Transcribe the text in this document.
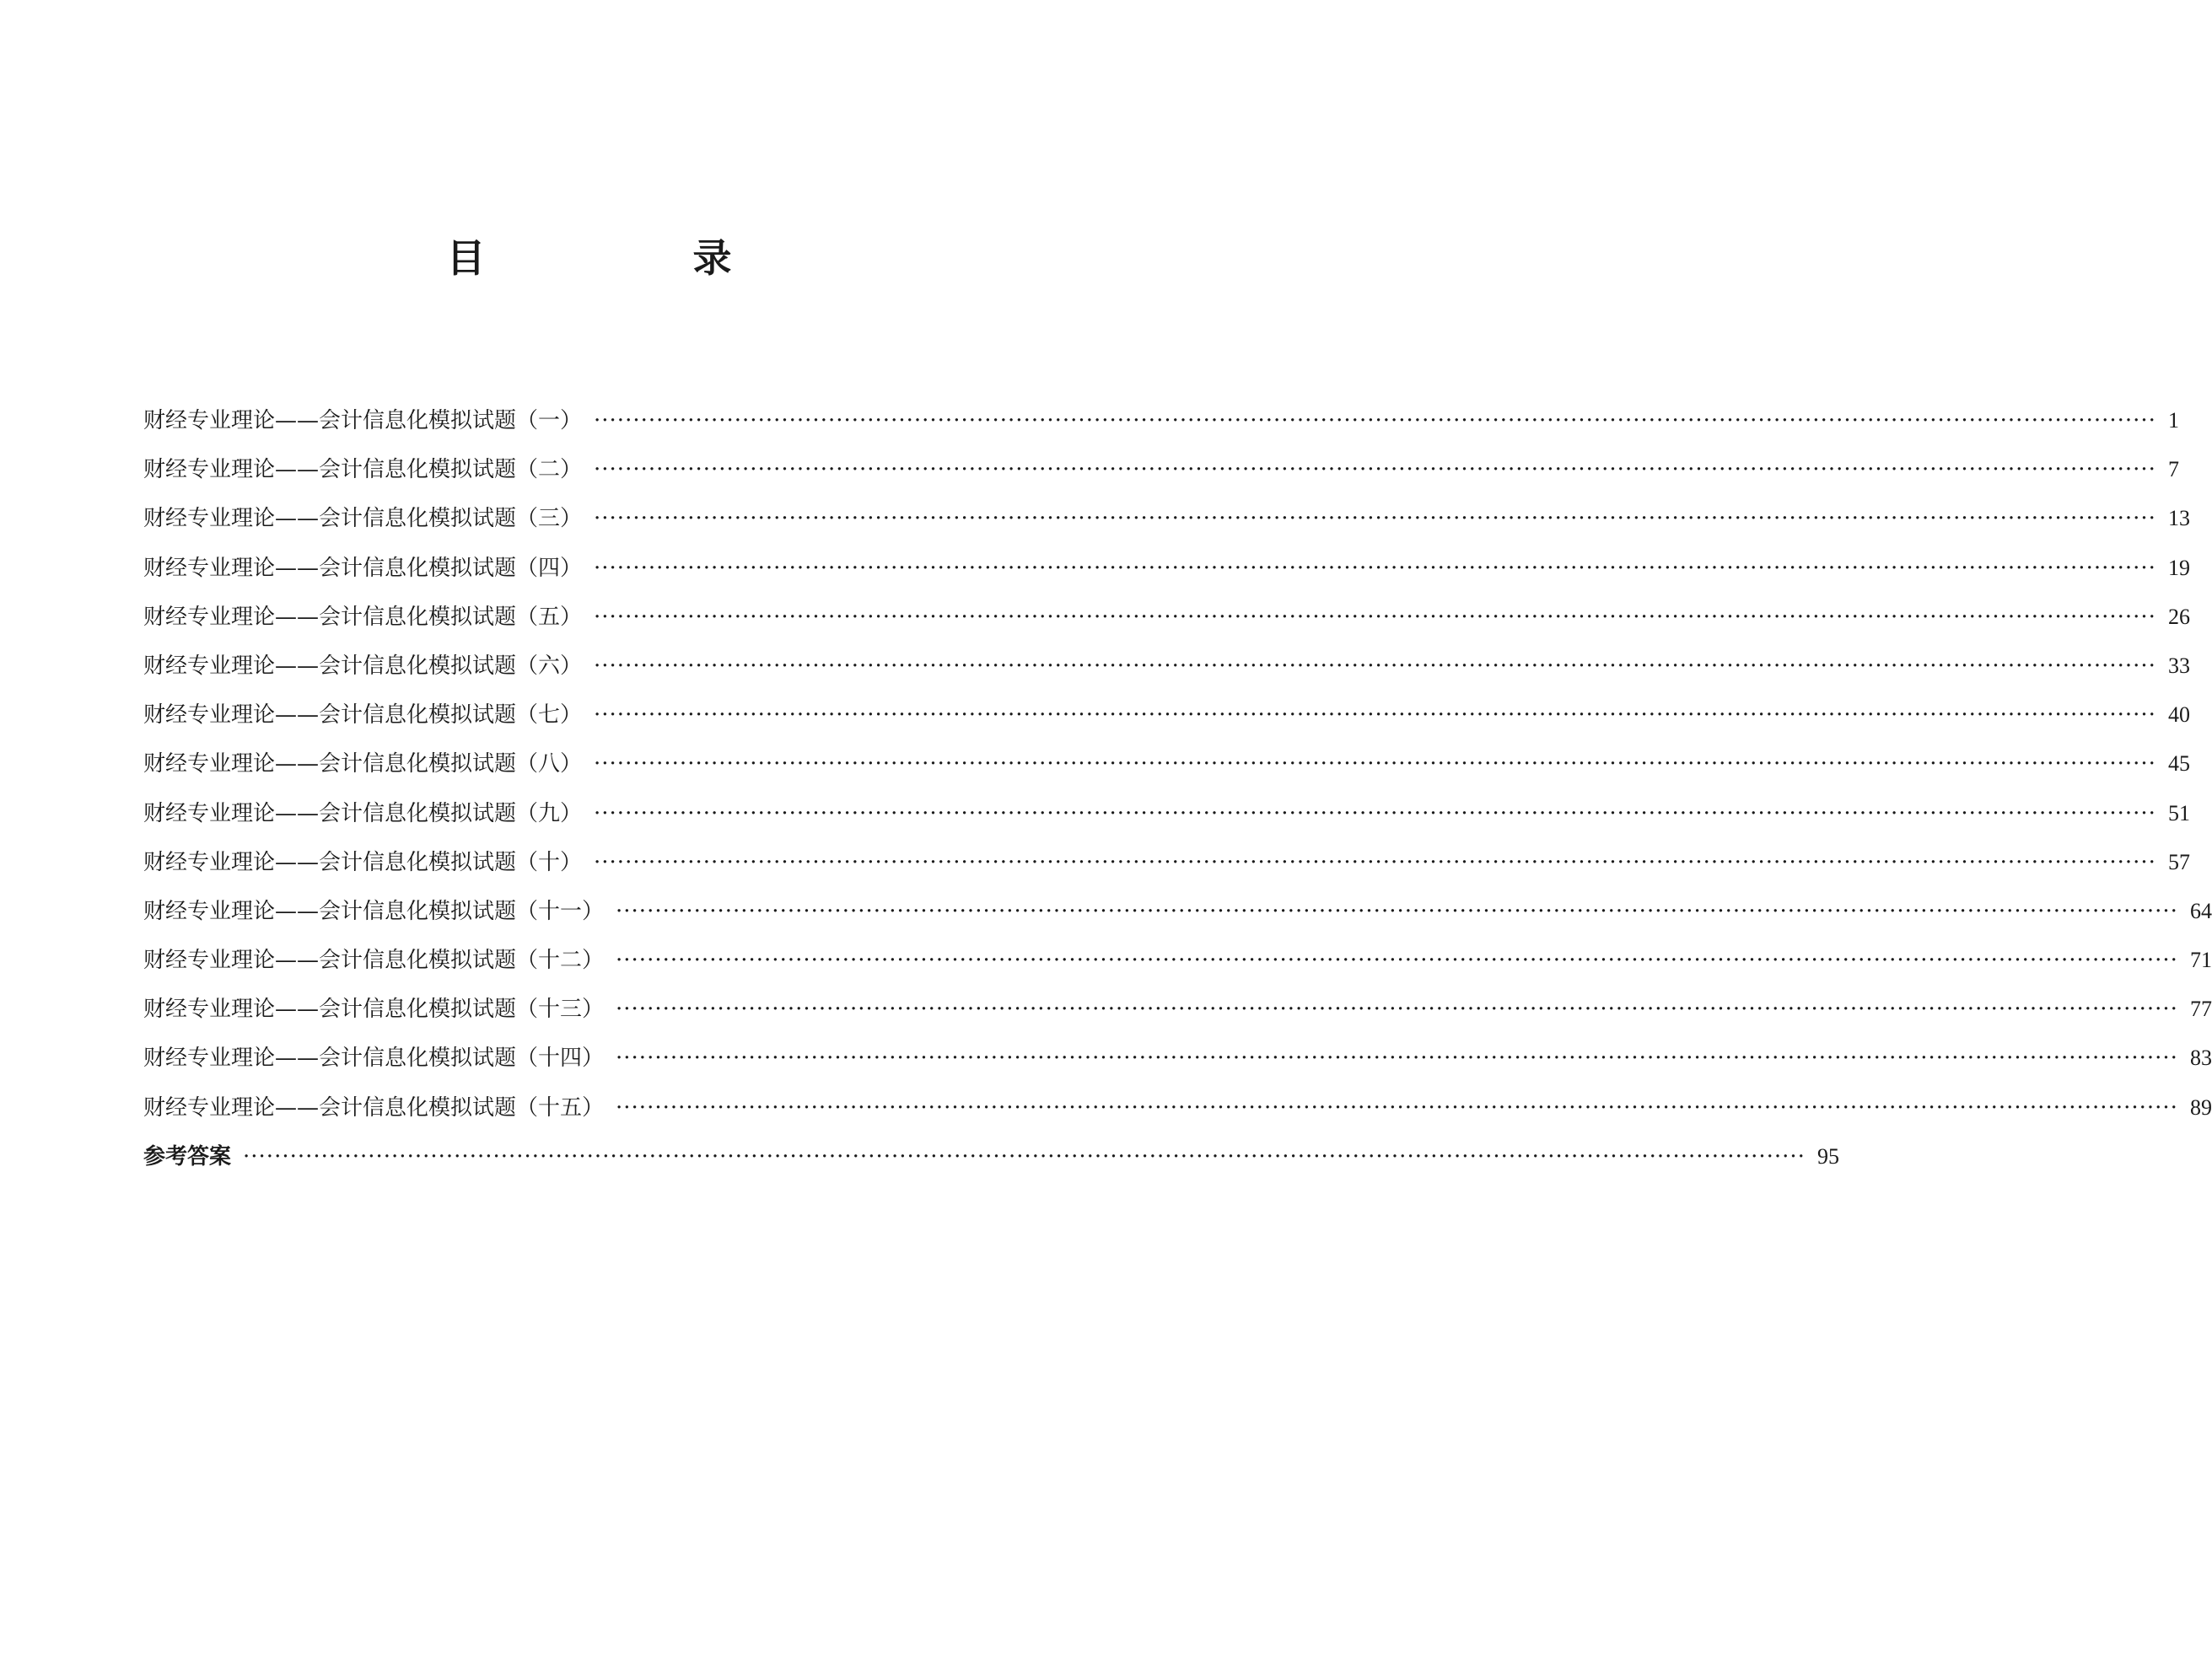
目　录
财经专业理论——会计信息化模拟试题（一） ········································································································································································································ 1
财经专业理论——会计信息化模拟试题（二） ········································································································································································································ 7
财经专业理论——会计信息化模拟试题（三） ········································································································································································································ 13
财经专业理论——会计信息化模拟试题（四） ········································································································································································································ 19
财经专业理论——会计信息化模拟试题（五） ········································································································································································································ 26
财经专业理论——会计信息化模拟试题（六） ········································································································································································································ 33
财经专业理论——会计信息化模拟试题（七） ········································································································································································································ 40
财经专业理论——会计信息化模拟试题（八） ········································································································································································································ 45
财经专业理论——会计信息化模拟试题（九） ········································································································································································································ 51
财经专业理论——会计信息化模拟试题（十） ········································································································································································································ 57
财经专业理论——会计信息化模拟试题（十一） ········································································································································································································ 64
财经专业理论——会计信息化模拟试题（十二） ········································································································································································································ 71
财经专业理论——会计信息化模拟试题（十三） ········································································································································································································ 77
财经专业理论——会计信息化模拟试题（十四） ········································································································································································································ 83
财经专业理论——会计信息化模拟试题（十五） ········································································································································································································ 89
参考答案 ········································································································································································································ 95
